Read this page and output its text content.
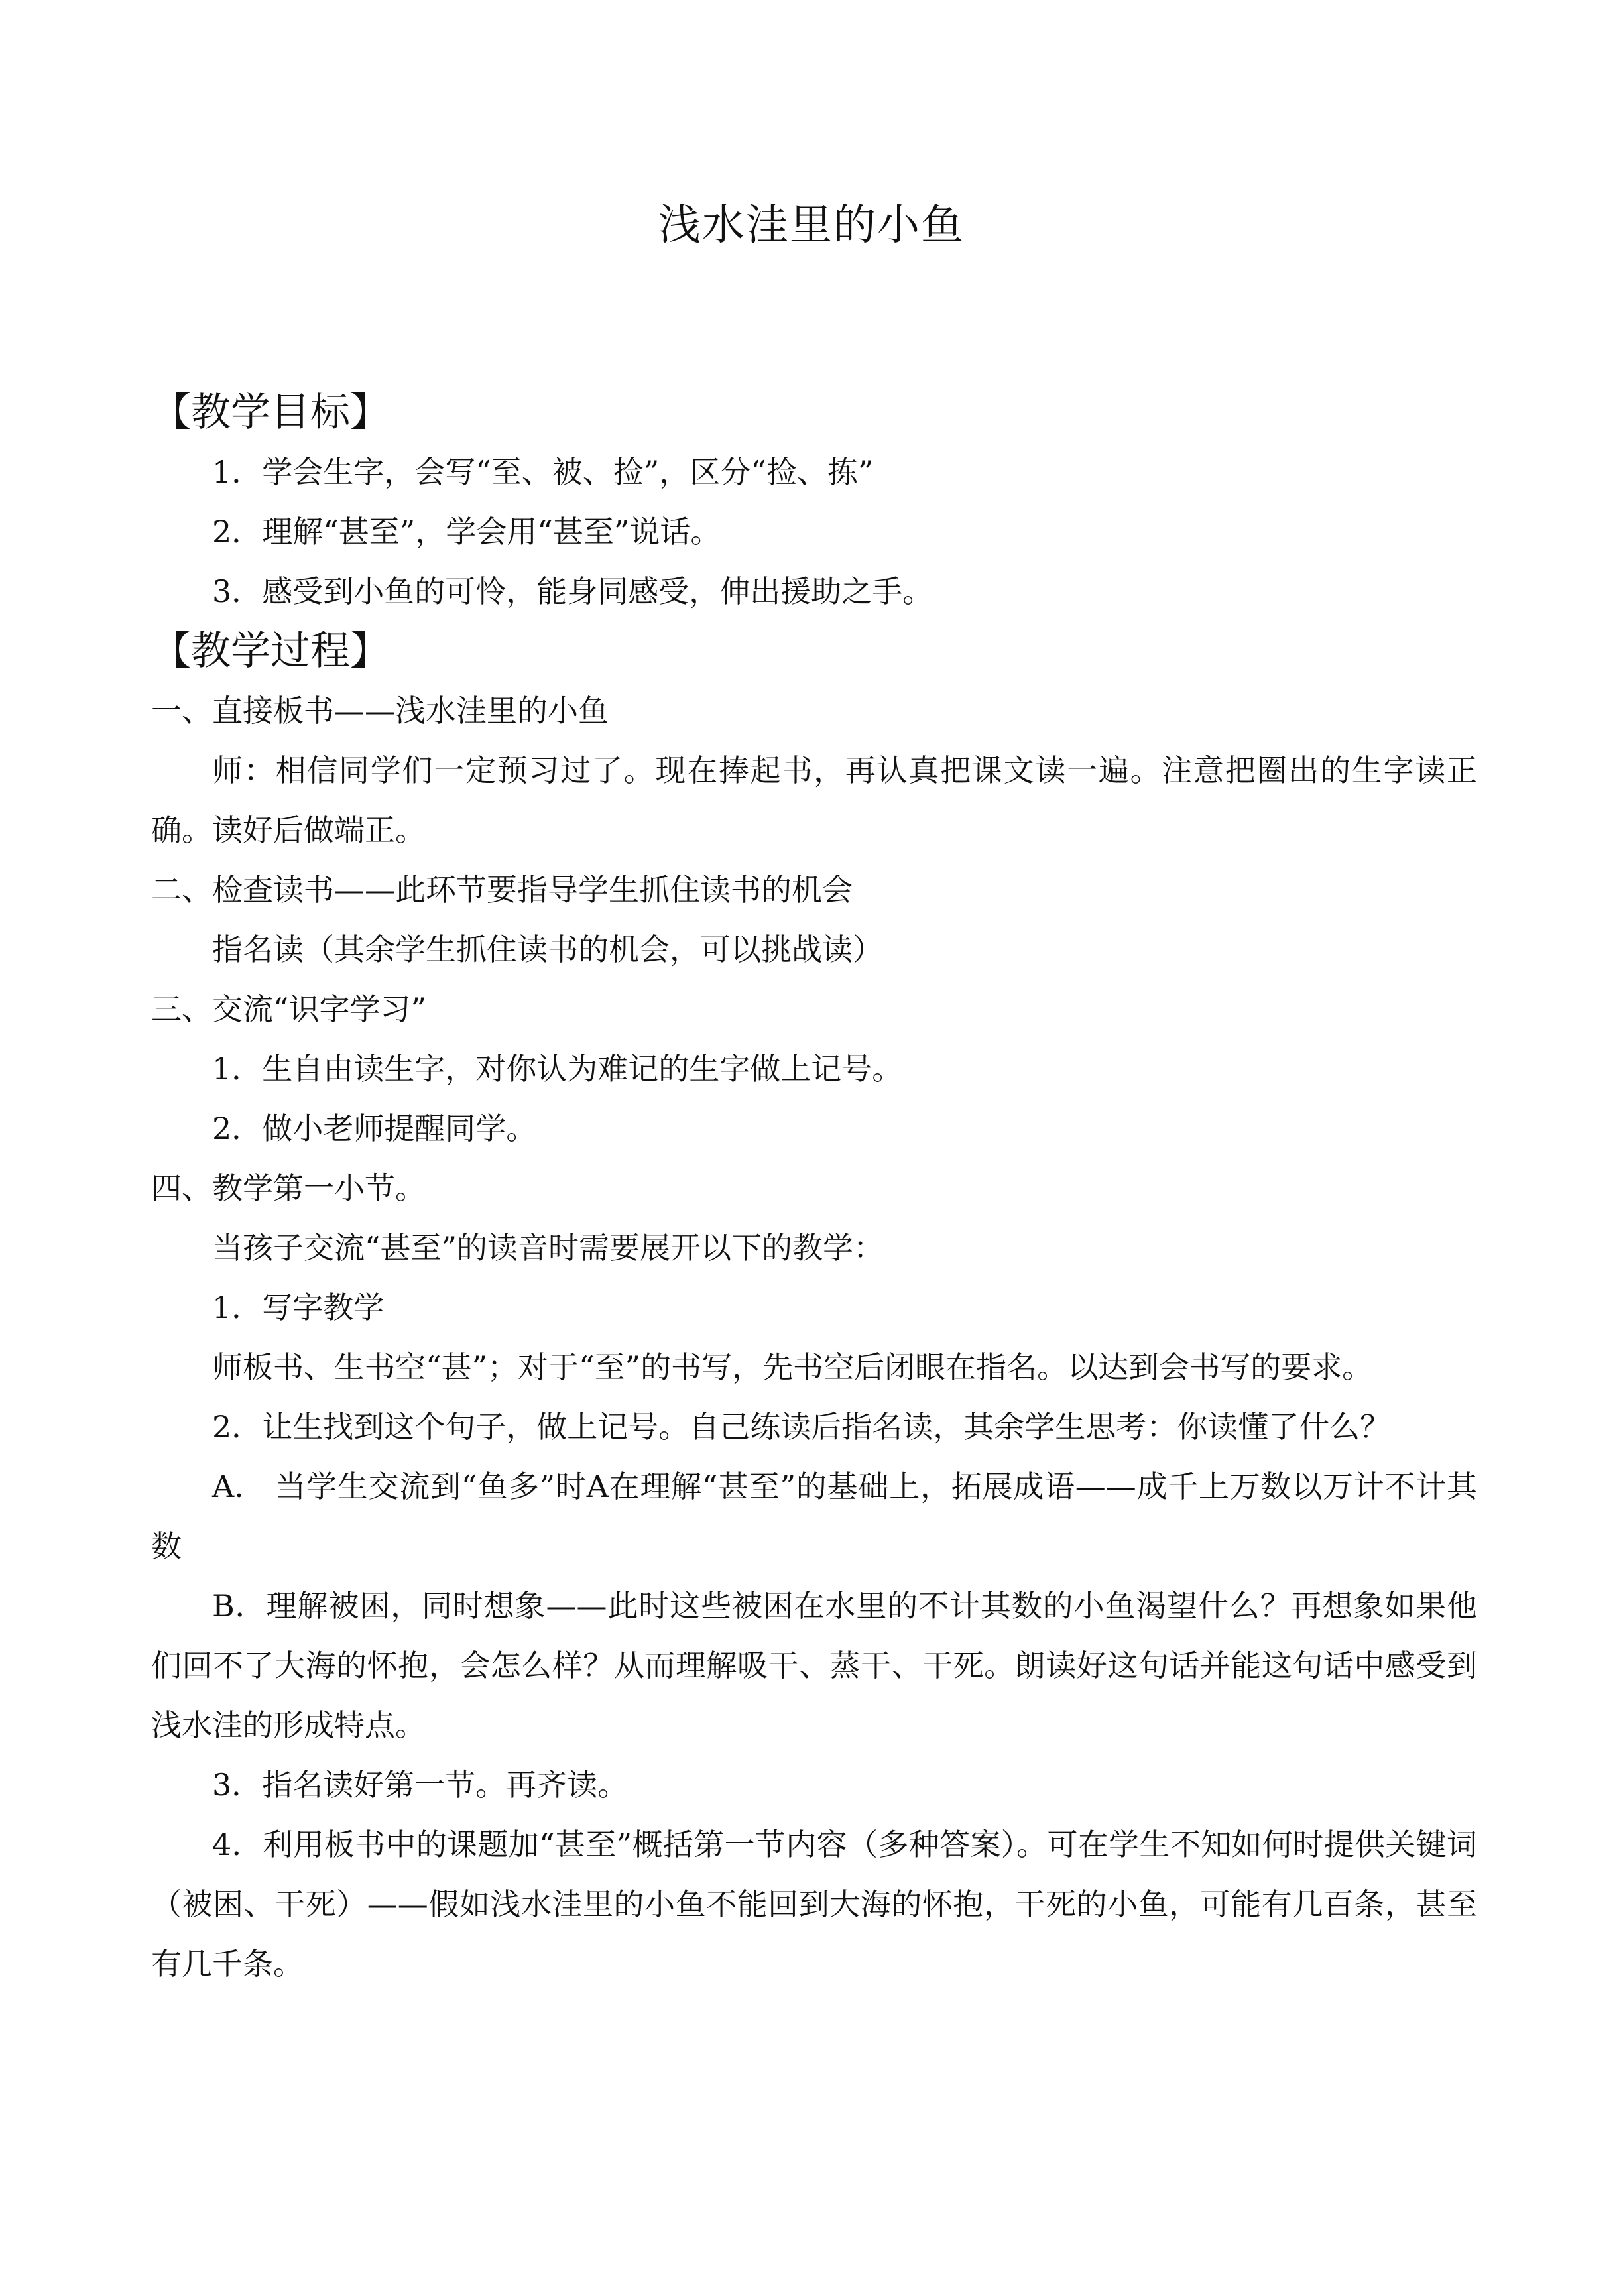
浅水洼里的小鱼

【教学目标】

1．学会生字，会写“至、被、捡”，区分“捡、拣”

2．理解“甚至”，学会用“甚至”说话。

3．感受到小鱼的可怜，能身同感受，伸出援助之手。

【教学过程】

一、直接板书——浅水洼里的小鱼

师：相信同学们一定预习过了。现在捧起书，再认真把课文读一遍。注意把圈出的生字读正确。读好后做端正。

二、检查读书——此环节要指导学生抓住读书的机会

指名读（其余学生抓住读书的机会，可以挑战读）

三、交流“识字学习”

1．生自由读生字，对你认为难记的生字做上记号。

2．做小老师提醒同学。

四、教学第一小节。

当孩子交流“甚至”的读音时需要展开以下的教学：

1．写字教学

师板书、生书空“甚”；对于“至”的书写，先书空后闭眼在指名。以达到会书写的要求。

2．让生找到这个句子，做上记号。自己练读后指名读，其余学生思考：你读懂了什么？

A.　当学生交流到“鱼多”时A在理解“甚至”的基础上，拓展成语——成千上万数以万计不计其数

B．理解被困，同时想象——此时这些被困在水里的不计其数的小鱼渴望什么？再想象如果他们回不了大海的怀抱，会怎么样？从而理解吸干、蒸干、干死。朗读好这句话并能这句话中感受到浅水洼的形成特点。

3．指名读好第一节。再齐读。

4．利用板书中的课题加“甚至”概括第一节内容（多种答案）。可在学生不知如何时提供关键词（被困、干死）——假如浅水洼里的小鱼不能回到大海的怀抱，干死的小鱼，可能有几百条，甚至有几千条。
